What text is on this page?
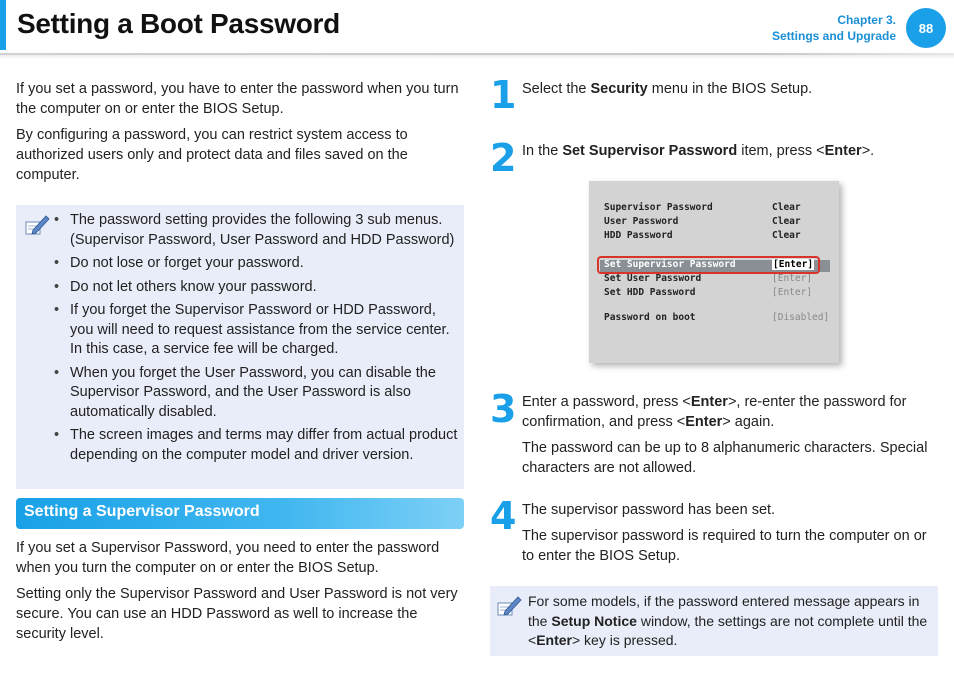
Setting a Boot Password	Chapter 3.
Settings and Upgrade
88
If you set a password, you have to enter the password when you turn the computer on or enter the BIOS Setup.
By configuring a password, you can restrict system access to authorized users only and protect data and files saved on the computer.
• The password setting provides the following 3 sub menus. (Supervisor Password, User Password and HDD Password)
• Do not lose or forget your password.
• Do not let others know your password.
• If you forget the Supervisor Password or HDD Password, you will need to request assistance from the service center. In this case, a service fee will be charged.
• When you forget the User Password, you can disable the Supervisor Password, and the User Password is also automatically disabled.
• The screen images and terms may differ from actual product depending on the computer model and driver version.
Setting a Supervisor Password
If you set a Supervisor Password, you need to enter the password when you turn the computer on or enter the BIOS Setup.
Setting only the Supervisor Password and User Password is not very secure. You can use an HDD Password as well to increase the security level.
1 Select the Security menu in the BIOS Setup.
2 In the Set Supervisor Password item, press <Enter>.
Supervisor Password	Clear
User Password	Clear
HDD Password	Clear
Set Supervisor Password	[Enter]
Set User Password	[Enter]
Set HDD Password	[Enter]
Password on boot	[Disabled]
3 Enter a password, press <Enter>, re-enter the password for confirmation, and press <Enter> again.
The password can be up to 8 alphanumeric characters. Special characters are not allowed.
4 The supervisor password has been set.
The supervisor password is required to turn the computer on or to enter the BIOS Setup.
For some models, if the password entered message appears in the Setup Notice window, the settings are not complete until the <Enter> key is pressed.
